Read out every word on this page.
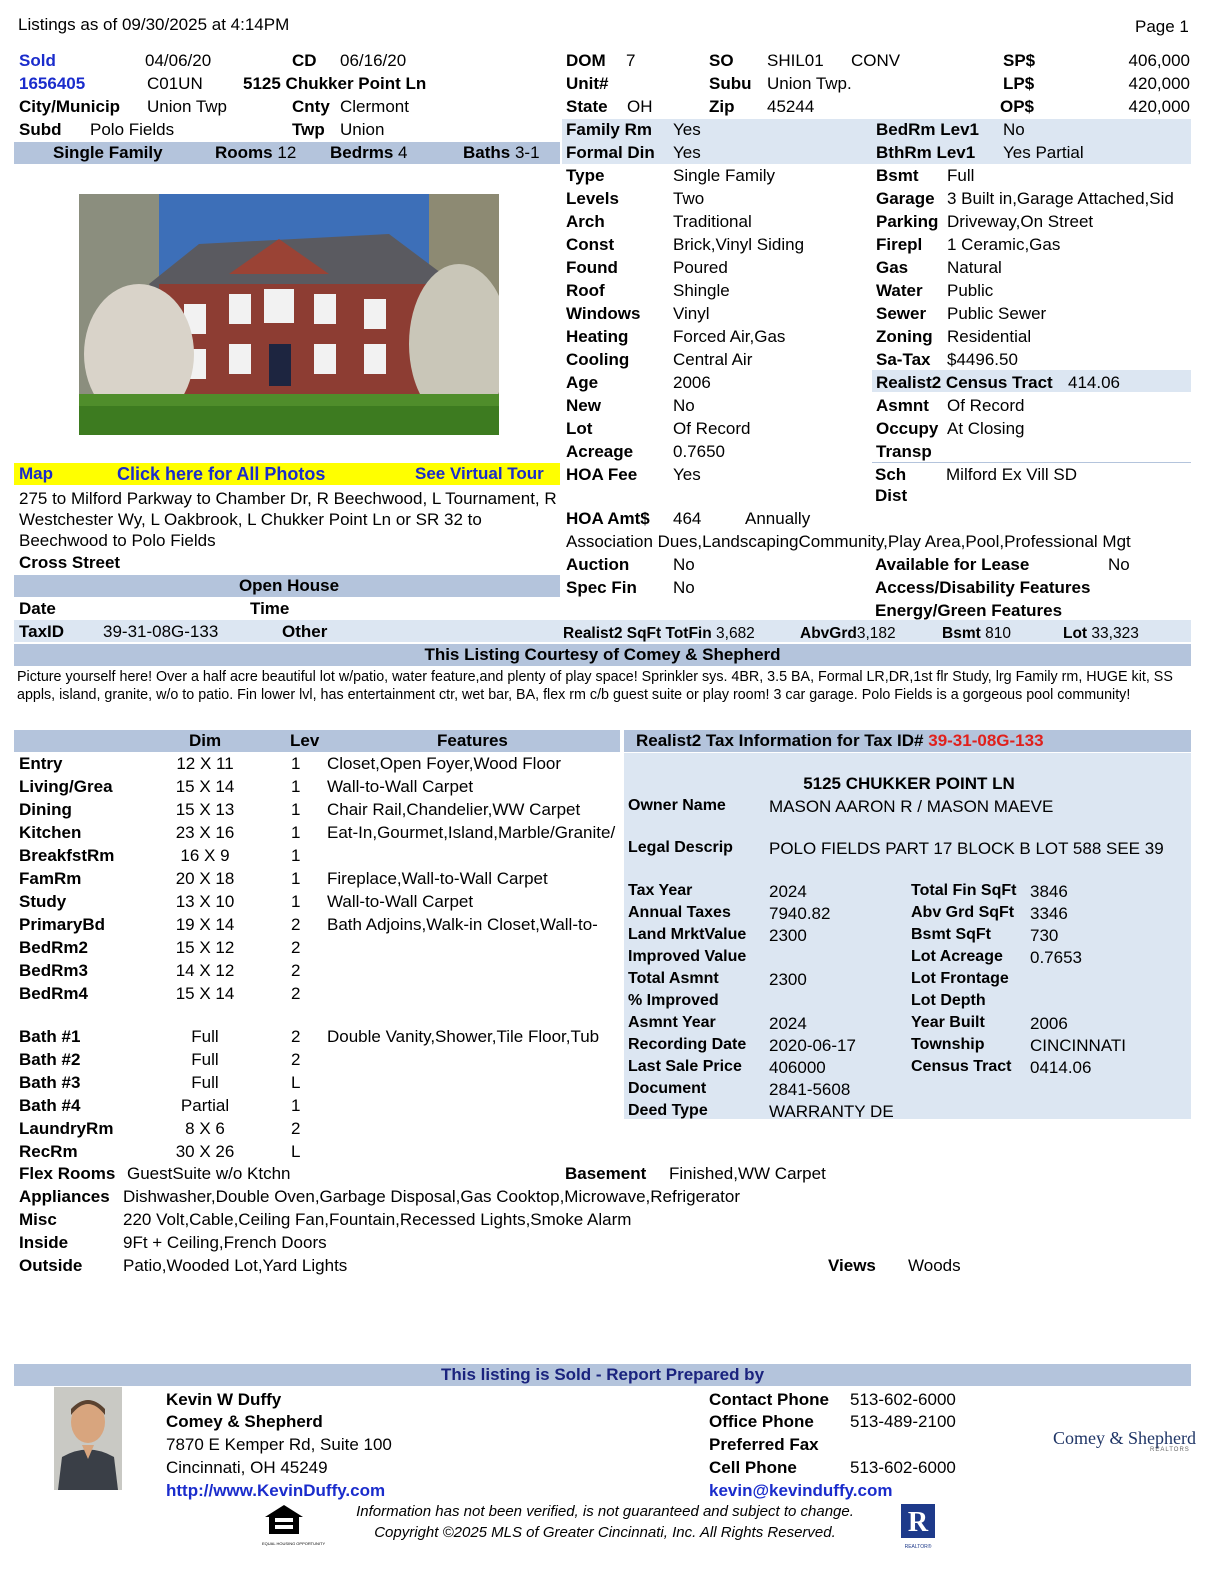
Listings as of 09/30/2025 at 4:14PM	Page 1
Sold	04/06/20	CD 06/16/20
1656405	C01UN 5125 Chukker Point Ln
City/Municip Union Twp	Cnty Clermont
Subd Polo Fields	Twp Union
Single Family	Rooms 12 Bedrms 4	Baths 3-1
DOM 7	SO SHIL01 CONV
Unit#	Subu Union Twp.
State OH	Zip 45244
SP$	406,000
LP$	420,000
OP$	420,000
Family Rm Yes
Formal Din Yes
Type	Single Family
Levels	Two
Arch	Traditional
Const	Brick,Vinyl Siding
Found	Poured
Roof	Shingle
Windows Vinyl
Heating	Forced Air,Gas
Cooling	Central Air
Age	2006
New	No
Lot	Of Record
Acreage 0.7650
BedRm Lev1 No
BthRm Lev1 Yes Partial
Bsmt Full
Garage 3 Built in,Garage Attached,Sid
Parking Driveway,On Street
Firepl 1 Ceramic,Gas
Gas Natural
Water Public
Sewer Public Sewer
Zoning Residential
Sa-Tax $4496.50
Realist2 Census Tract 414.06
Asmnt Of Record
Occupy At Closing
Transp
Map	Click here for All Photos	See Virtual Tour
275 to Milford Parkway to Chamber Dr, R Beechwood, L Tournament, R Westchester Wy, L Oakbrook, L Chukker Point Ln or SR 32 to Beechwood to Polo Fields
Cross Street
Open House
Date	Time
TaxID 39-31-08G-133	Other
HOA Fee Yes	Sch
Dist
Milford Ex Vill SD
HOA Amt$ 464	Annually
Association Dues,LandscapingCommunity,Play Area,Pool,Professional Mgt
Auction	No
Spec Fin No
Available for Lease	No
Access/Disability Features
Energy/Green Features
Realist2 SqFt TotFin 3,682	AbvGrd3,182	Bsmt 810	Lot 33,323
This Listing Courtesy of Comey & Shepherd
Picture yourself here! Over a half acre beautiful lot w/patio, water feature,and plenty of play space! Sprinkler sys. 4BR, 3.5 BA, Formal LR,DR,1st flr Study, lrg Family rm, HUGE kit, SS appls, island, granite, w/o to patio. Fin lower lvl, has entertainment ctr, wet bar, BA, flex rm c/b guest suite or play room! 3 car garage. Polo Fields is a gorgeous pool community!
Dim	Lev	Features
Entry	12 X 11	1 Closet,Open Foyer,Wood Floor
Living/Grea	15 X 14	1 Wall-to-Wall Carpet
Dining	15 X 13	1 Chair Rail,Chandelier,WW Carpet
Kitchen	23 X 16	1 Eat-In,Gourmet,Island,Marble/Granite/
BreakfstRm	16 X 9	1
FamRm	20 X 18	1 Fireplace,Wall-to-Wall Carpet
Study	13 X 10	1 Wall-to-Wall Carpet
PrimaryBd	19 X 14	2 Bath Adjoins,Walk-in Closet,Wall-to-
BedRm2	15 X 12	2
BedRm3	14 X 12	2
BedRm4	15 X 14	2
Bath #1	Full	2 Double Vanity,Shower,Tile Floor,Tub
Bath #2	Full	2
Bath #3	Full	L
Bath #4	Partial	1
LaundryRm	8 X 6	2
RecRm	30 X 26	L
Realist2 Tax Information for Tax ID# 39-31-08G-133
5125 CHUKKER POINT LN
Owner Name	MASON AARON R / MASON MAEVE
Legal Descrip POLO FIELDS PART 17 BLOCK B LOT 588 SEE 39
Tax Year	2024
Annual Taxes 7940.82
Land MrktValue 2300
Improved Value
Total Asmnt	2300
% Improved
Asmnt Year	2024
Recording Date 2020-06-17
Last Sale Price 406000
Document	2841-5608
Deed Type	WARRANTY DE
Total Fin SqFt 3846
Abv Grd SqFt 3346
Bsmt SqFt 730
Lot Acreage 0.7653
Lot Frontage
Lot Depth
Year Built	2006
Township	CINCINNATI
Census Tract 0414.06
Flex Rooms GuestSuite w/o Ktchn	Basement Finished,WW Carpet
Appliances Dishwasher,Double Oven,Garbage Disposal,Gas Cooktop,Microwave,Refrigerator
Misc	220 Volt,Cable,Ceiling Fan,Fountain,Recessed Lights,Smoke Alarm
Inside	9Ft + Ceiling,French Doors
Outside Patio,Wooded Lot,Yard Lights	Views Woods
This listing is Sold - Report Prepared by
Kevin W Duffy
Comey & Shepherd
7870 E Kemper Rd, Suite 100
Cincinnati, OH 45249
http://www.KevinDuffy.com
Contact Phone 513-602-6000
Office Phone 513-489-2100
Preferred Fax
Cell Phone	513-602-6000
kevin@kevinduffy.com
Comey & Shepherd
REALTORS
EQUAL HOUSING OPPORTUNITY
Information has not been verified, is not guaranteed and subject to change.
Copyright ©2025 MLS of Greater Cincinnati, Inc. All Rights Reserved.	R
REALTOR®
